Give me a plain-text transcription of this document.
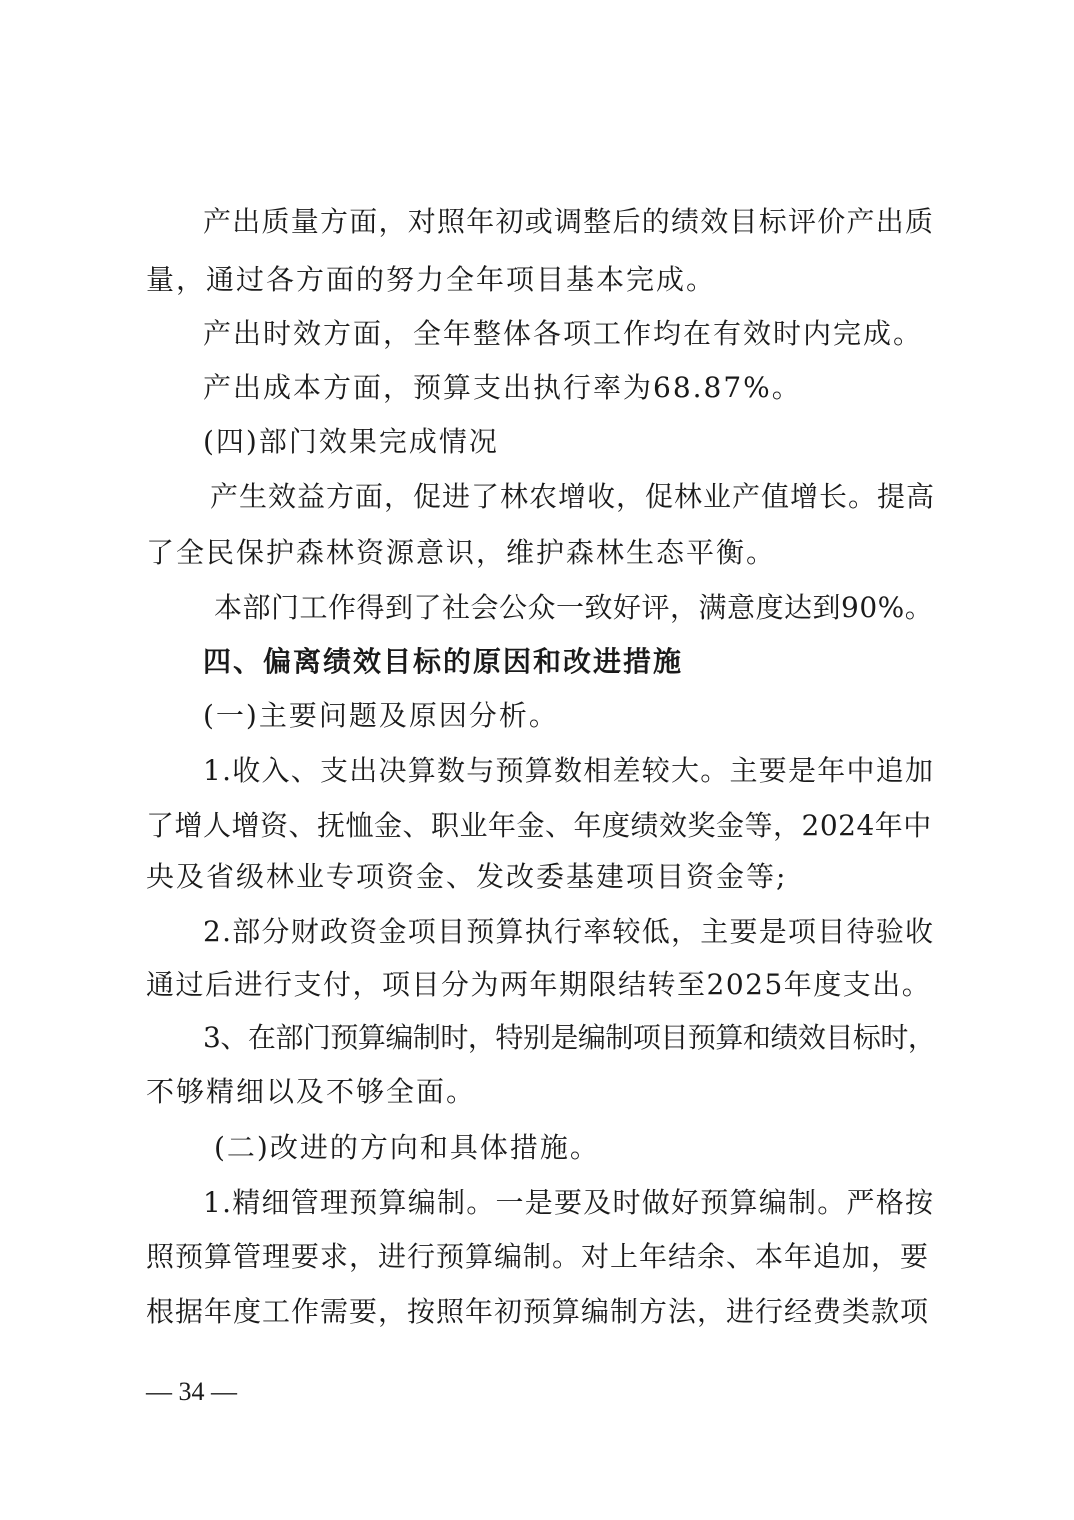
产出质量方面，对照年初或调整后的绩效目标评价产出质
量，通过各方面的努力全年项目基本完成。
产出时效方面，全年整体各项工作均在有效时内完成。
产出成本方面，预算支出执行率为68.87%。
(四)部门效果完成情况
产生效益方面，促进了林农增收，促林业产值增长。提高
了全民保护森林资源意识，维护森林生态平衡。
本部门工作得到了社会公众一致好评，满意度达到90%。
四、偏离绩效目标的原因和改进措施
(一)主要问题及原因分析。
1.收入、支出决算数与预算数相差较大。主要是年中追加
了增人增资、抚恤金、职业年金、年度绩效奖金等，2024年中
央及省级林业专项资金、发改委基建项目资金等;
2.部分财政资金项目预算执行率较低，主要是项目待验收
通过后进行支付，项目分为两年期限结转至2025年度支出。
3、在部门预算编制时，特别是编制项目预算和绩效目标时，
不够精细以及不够全面。
(二)改进的方向和具体措施。
1.精细管理预算编制。一是要及时做好预算编制。严格按
照预算管理要求，进行预算编制。对上年结余、本年追加，要
根据年度工作需要，按照年初预算编制方法，进行经费类款项
— 34 —
